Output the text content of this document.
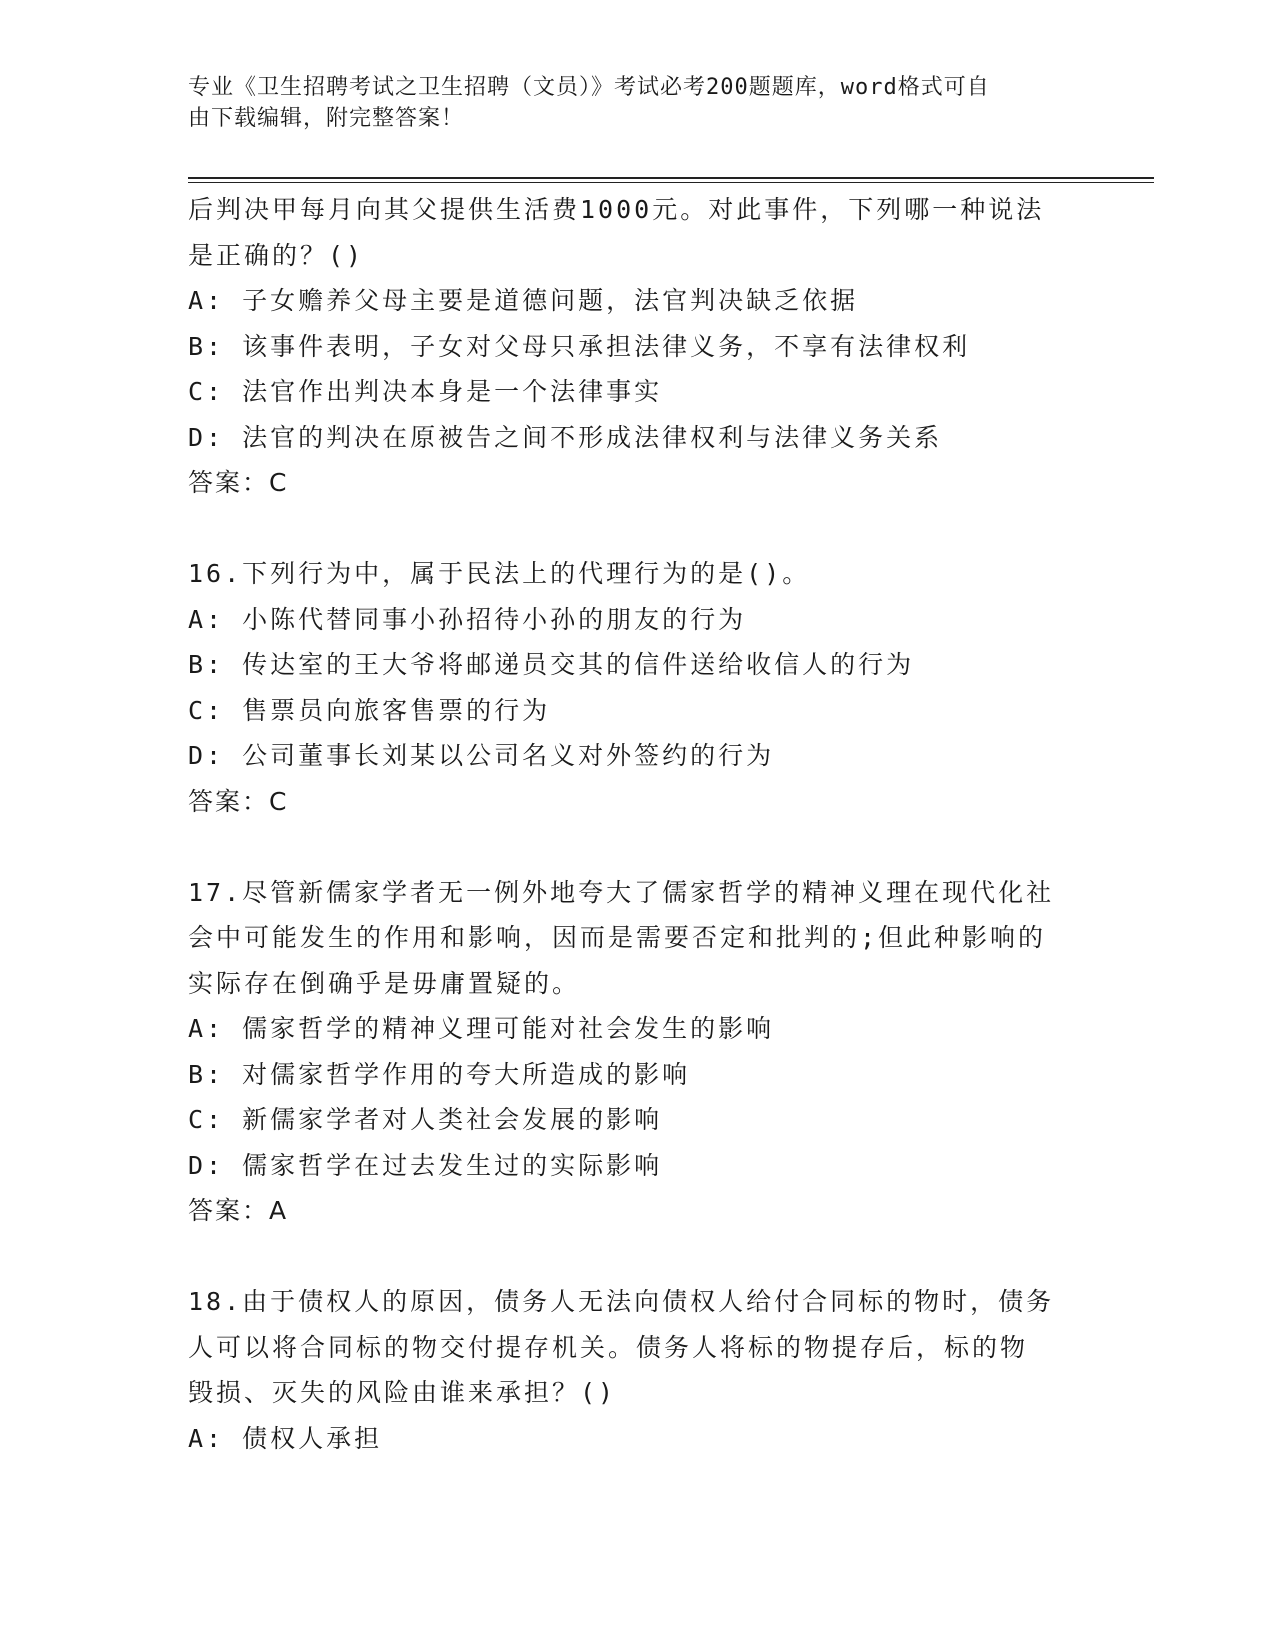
专业《卫生招聘考试之卫生招聘（文员）》考试必考200题题库，word格式可自
由下载编辑，附完整答案！
后判决甲每月向其父提供生活费1000元。对此事件，下列哪一种说法
是正确的？()
A: 子女赡养父母主要是道德问题，法官判决缺乏依据
B: 该事件表明，子女对父母只承担法律义务，不享有法律权利
C: 法官作出判决本身是一个法律事实
D: 法官的判决在原被告之间不形成法律权利与法律义务关系
答案：C
16.下列行为中，属于民法上的代理行为的是()。
A: 小陈代替同事小孙招待小孙的朋友的行为
B: 传达室的王大爷将邮递员交其的信件送给收信人的行为
C: 售票员向旅客售票的行为
D: 公司董事长刘某以公司名义对外签约的行为
答案：C
17.尽管新儒家学者无一例外地夸大了儒家哲学的精神义理在现代化社
会中可能发生的作用和影响，因而是需要否定和批判的;但此种影响的
实际存在倒确乎是毋庸置疑的。
A: 儒家哲学的精神义理可能对社会发生的影响
B: 对儒家哲学作用的夸大所造成的影响
C: 新儒家学者对人类社会发展的影响
D: 儒家哲学在过去发生过的实际影响
答案：A
18.由于债权人的原因，债务人无法向债权人给付合同标的物时，债务
人可以将合同标的物交付提存机关。债务人将标的物提存后，标的物
毁损、灭失的风险由谁来承担？()
A: 债权人承担
